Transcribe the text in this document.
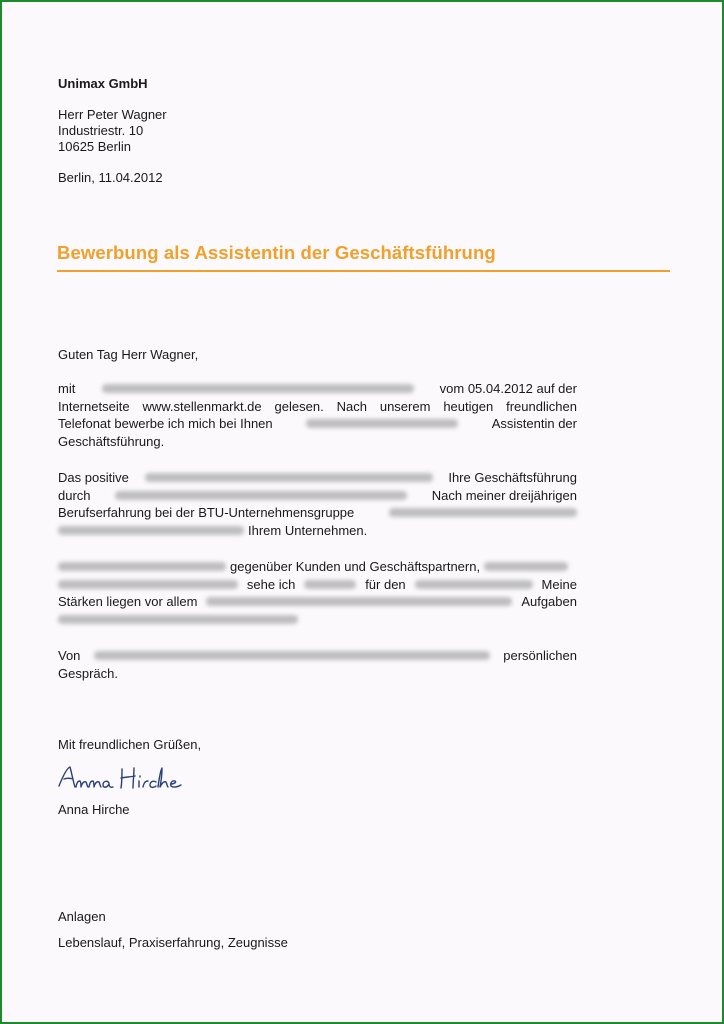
Unimax GmbH
Herr Peter Wagner
Industriestr. 10
10625 Berlin
Berlin, 11.04.2012
Bewerbung als Assistentin der Geschäftsführung
Guten Tag Herr Wagner,
mit	vom 05.04.2012 auf der
Internetseite www.stellenmarkt.de gelesen. Nach unserem heutigen freundlichen
Telefonat bewerbe ich mich bei Ihnen	Assistentin der
Geschäftsführung.
Das positive	Ihre Geschäftsführung
durch	Nach meiner dreijährigen
Berufserfahrung bei der BTU-Unternehmensgruppe
Ihrem Unternehmen.
gegenüber Kunden und Geschäftspartnern,
sehe ich	für den	Meine
Stärken liegen vor allem	Aufgaben
Von	persönlichen
Gespräch.
Mit freundlichen Grüßen,
Anna Hirche
Anlagen
Lebenslauf, Praxiserfahrung, Zeugnisse
